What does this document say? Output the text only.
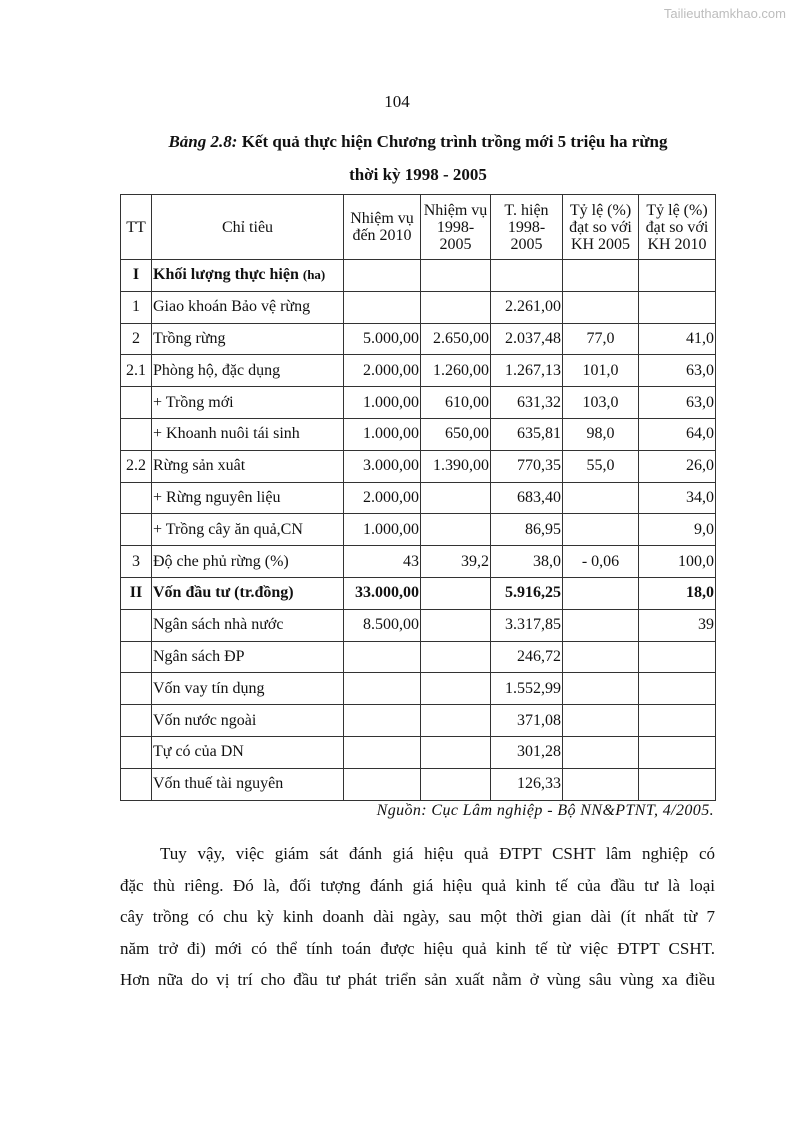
Tailieuthamkhao.com
104
Bảng 2.8: Kết quả thực hiện Chương trình trồng mới 5 triệu ha rừng
thời kỳ 1998 - 2005
TT	Chỉ tiêu	Nhiệm vụ đến 2010	Nhiệm vụ 1998-2005	T. hiện 1998-2005	Tỷ lệ (%) đạt so với KH 2005	Tỷ lệ (%) đạt so với KH 2010
I	Khối lượng thực hiện (ha)					
1	Giao khoán Bảo vệ rừng			2.261,00		
2	Trồng rừng	5.000,00	2.650,00	2.037,48	77,0	41,0
2.1	Phòng hộ, đặc dụng	2.000,00	1.260,00	1.267,13	101,0	63,0
	+ Trồng mới	1.000,00	610,00	631,32	103,0	63,0
	+ Khoanh nuôi tái sinh	1.000,00	650,00	635,81	98,0	64,0
2.2	Rừng sản xuât	3.000,00	1.390,00	770,35	55,0	26,0
	+ Rừng nguyên liệu	2.000,00		683,40		34,0
	+ Trồng cây ăn quả,CN	1.000,00		86,95		9,0
3	Độ che phủ rừng (%)	43	39,2	38,0	- 0,06	100,0
II	Vốn đầu tư (tr.đồng)	33.000,00		5.916,25		18,0
	Ngân sách nhà nước	8.500,00		3.317,85		39
	Ngân sách ĐP			246,72		
	Vốn vay tín dụng			1.552,99		
	Vốn nước ngoài			371,08		
	Tự có của DN			301,28		
	Vốn thuế tài nguyên			126,33		
Nguồn: Cục Lâm nghiệp - Bộ NN&PTNT, 4/2005.
Tuy vậy, việc giám sát đánh giá hiệu quả ĐTPT CSHT lâm nghiệp có
đặc thù riêng. Đó là, đối tượng đánh giá hiệu quả kinh tế của đầu tư là loại
cây trồng có chu kỳ kinh doanh dài ngày, sau một thời gian dài (ít nhất từ 7
năm trở đi) mới có thể tính toán được hiệu quả kinh tế từ việc ĐTPT CSHT.
Hơn nữa do vị trí cho đầu tư phát triển sản xuất nằm ở vùng sâu vùng xa điều
